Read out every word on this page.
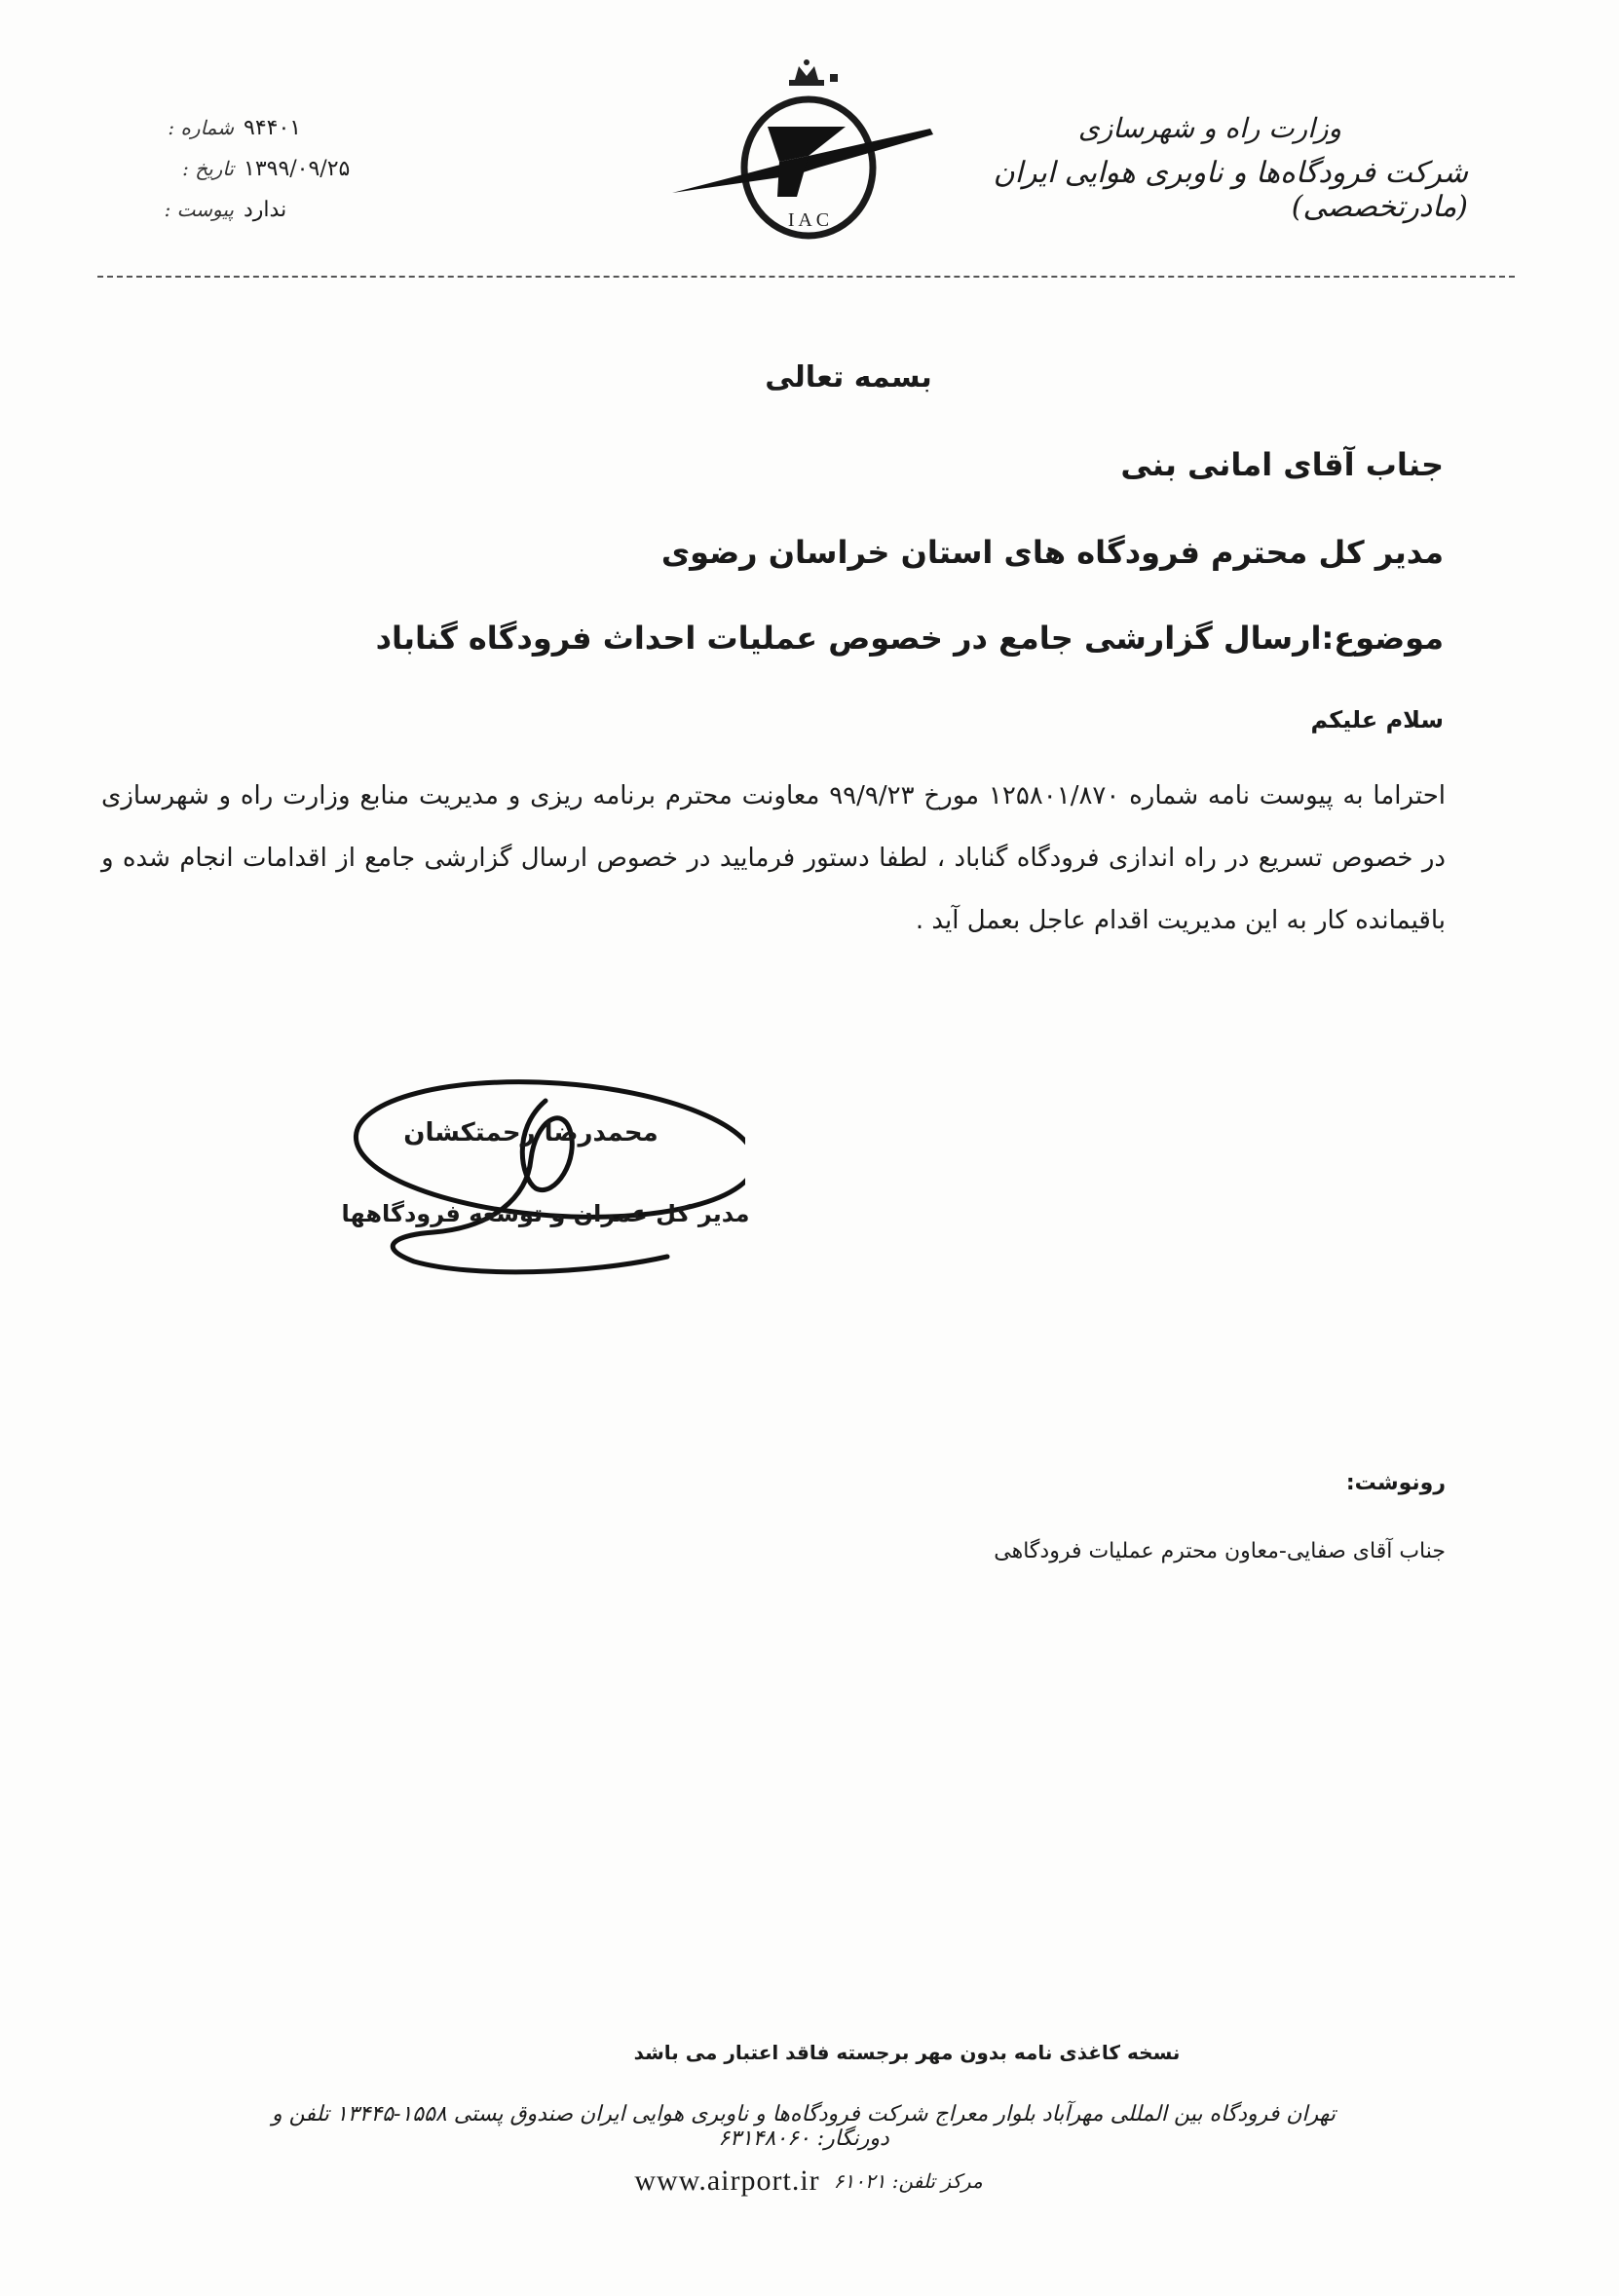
وزارت راه و شهرسازی
شرکت فرودگاه‌ها و ناوبری هوایی ایران (مادرتخصصی)
I A C
شماره : ۹۴۴۰۱
تاریخ : ۱۳۹۹/۰۹/۲۵
پیوست : ندارد
بسمه تعالی
جناب آقای امانی بنی
مدیر کل محترم فرودگاه های استان خراسان رضوی
موضوع:ارسال گزارشی جامع در خصوص عملیات احداث فرودگاه گناباد
سلام علیکم
احتراما به پیوست نامه شماره ۱۲۵۸۰۱/۸۷۰ مورخ ۹۹/۹/۲۳ معاونت محترم برنامه ریزی و مدیریت منابع وزارت راه و شهرسازی در خصوص تسریع در راه اندازی فرودگاه گناباد ، لطفا دستور فرمایید در خصوص ارسال گزارشی جامع از اقدامات انجام شده و باقیمانده کار به این مدیریت اقدام عاجل بعمل آید .
محمدرضا رحمتکشان
مدیر کل عمران و توسعه فرودگاهها
رونوشت:
جناب آقای صفایی-معاون محترم عملیات فرودگاهی
نسخه کاغذی نامه بدون مهر برجسته فاقد اعتبار می باشد
تهران فرودگاه بین المللی مهرآباد بلوار معراج شرکت فرودگاه‌ها و ناوبری هوایی ایران صندوق پستی ۱۵۵۸-۱۳۴۴۵ تلفن و دورنگار: ۶۳۱۴۸۰۶۰
مرکز تلفن: ۶۱۰۲۱
www.airport.ir
